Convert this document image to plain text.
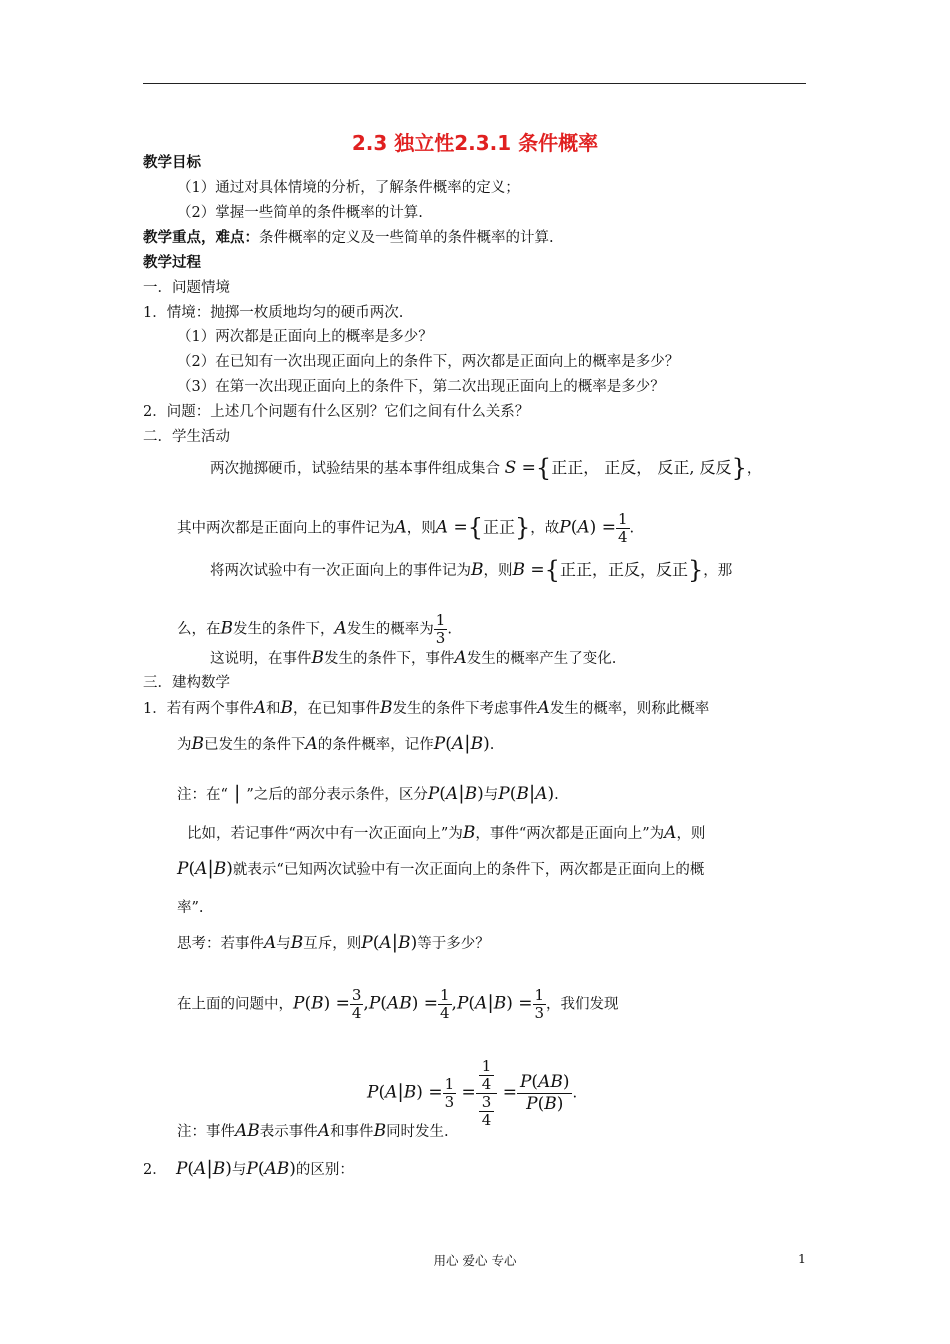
2.3 独立性2.3.1 条件概率
教学目标
（1）通过对具体情境的分析，了解条件概率的定义；
（2）掌握一些简单的条件概率的计算.
教学重点，难点：条件概率的定义及一些简单的条件概率的计算.
教学过程
一．问题情境
1．情境：抛掷一枚质地均匀的硬币两次.
（1）两次都是正面向上的概率是多少？
（2）在已知有一次出现正面向上的条件下，两次都是正面向上的概率是多少？
（3）在第一次出现正面向上的条件下，第二次出现正面向上的概率是多少？
2．问题：上述几个问题有什么区别？它们之间有什么关系？
二．学生活动
两次抛掷硬币，试验结果的基本事件组成集合 S ={正正， 正反， 反正, 反反}，
其中两次都是正面向上的事件记为A，则A ={正正}，故$P(A) = \frac{1}{4}$ .
将两次试验中有一次正面向上的事件记为B，则B ={正正，正反，反正}，那
么，在B发生的条件下，A发生的概率为 $\frac{1}{3}$ .
这说明，在事件B发生的条件下，事件A发生的概率产生了变化.
三．建构数学
1．若有两个事件A和B，在已知事件B发生的条件下考虑事件A发生的概率，则称此概率
为B已发生的条件下A的条件概率，记作P(A|B).
注：在“ | ”之后的部分表示条件，区分P(A|B)与P(B|A).
比如，若记事件“两次中有一次正面向上”为B，事件“两次都是正面向上”为A，则
P(A|B)就表示“已知两次试验中有一次正面向上的条件下，两次都是正面向上的概
率”.
思考：若事件A与B互斥，则P(A|B)等于多少？
在上面的问题中，$P(B) = \frac{3}{4} ,P(AB) = \frac{1}{4} ,P(A|B) = \frac{1}{3}$ ，我们发现
$P(A|B) = \frac{1}{3} = \frac{\frac{1}{4}}{\frac{3}{4}} = \frac{P(AB)}{P(B)}$ .
注：事件AB表示事件A和事件B同时发生.
2． P(A|B)与P(AB)的区别：
用心 爱心 专心	1
